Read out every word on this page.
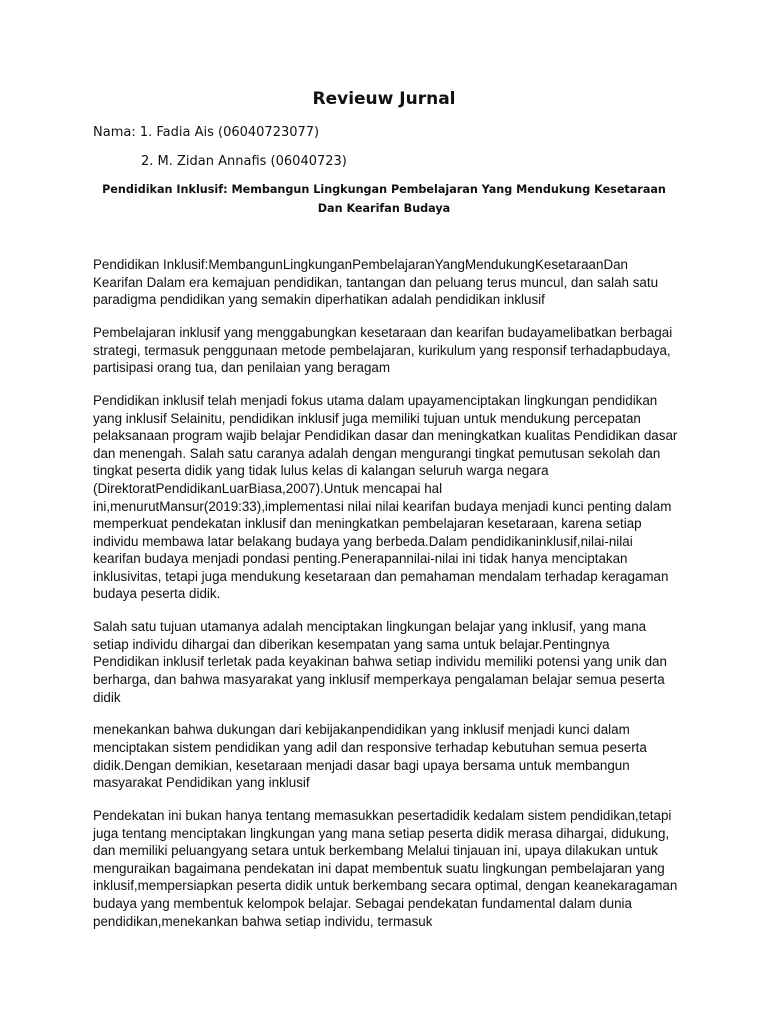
Revieuw Jurnal
Nama: 1. Fadia Ais (06040723077)
2. M. Zidan Annafis (06040723)
Pendidikan Inklusif: Membangun Lingkungan Pembelajaran Yang Mendukung Kesetaraan Dan Kearifan Budaya

Pendidikan Inklusif:MembangunLingkunganPembelajaranYangMendukungKesetaraanDan Kearifan Dalam era kemajuan pendidikan, tantangan dan peluang terus muncul, dan salah satu paradigma pendidikan yang semakin diperhatikan adalah pendidikan inklusif

Pembelajaran inklusif yang menggabungkan kesetaraan dan kearifan budayamelibatkan berbagai strategi, termasuk penggunaan metode pembelajaran, kurikulum yang responsif terhadapbudaya, partisipasi orang tua, dan penilaian yang beragam

Pendidikan inklusif telah menjadi fokus utama dalam upayamenciptakan lingkungan pendidikan yang inklusif Selainitu, pendidikan inklusif juga memiliki tujuan untuk mendukung percepatan pelaksanaan program wajib belajar Pendidikan dasar dan meningkatkan kualitas Pendidikan dasar dan menengah. Salah satu caranya adalah dengan mengurangi tingkat pemutusan sekolah dan tingkat peserta didik yang tidak lulus kelas di kalangan seluruh warga negara (DirektoratPendidikanLuarBiasa,2007).Untuk mencapai hal ini,menurutMansur(2019:33),implementasi nilai nilai kearifan budaya menjadi kunci penting dalam memperkuat pendekatan inklusif dan meningkatkan pembelajaran kesetaraan, karena setiap individu membawa latar belakang budaya yang berbeda.Dalam pendidikaninklusif,nilai-nilai kearifan budaya menjadi pondasi penting.Penerapannilai-nilai ini tidak hanya menciptakan inklusivitas, tetapi juga mendukung kesetaraan dan pemahaman mendalam terhadap keragaman budaya peserta didik.

Salah satu tujuan utamanya adalah menciptakan lingkungan belajar yang inklusif, yang mana setiap individu dihargai dan diberikan kesempatan yang sama untuk belajar.Pentingnya Pendidikan inklusif terletak pada keyakinan bahwa setiap individu memiliki potensi yang unik dan berharga, dan bahwa masyarakat yang inklusif memperkaya pengalaman belajar semua peserta didik

menekankan bahwa dukungan dari kebijakanpendidikan yang inklusif menjadi kunci dalam menciptakan sistem pendidikan yang adil dan responsive terhadap kebutuhan semua peserta didik.Dengan demikian, kesetaraan menjadi dasar bagi upaya bersama untuk membangun masyarakat Pendidikan yang inklusif

Pendekatan ini bukan hanya tentang memasukkan pesertadidik kedalam sistem pendidikan,tetapi juga tentang menciptakan lingkungan yang mana setiap peserta didik merasa dihargai, didukung, dan memiliki peluangyang setara untuk berkembang Melalui tinjauan ini, upaya dilakukan untuk menguraikan bagaimana pendekatan ini dapat membentuk suatu lingkungan pembelajaran yang inklusif,mempersiapkan peserta didik untuk berkembang secara optimal, dengan keanekaragaman budaya yang membentuk kelompok belajar. Sebagai pendekatan fundamental dalam dunia pendidikan,menekankan bahwa setiap individu, termasuk
